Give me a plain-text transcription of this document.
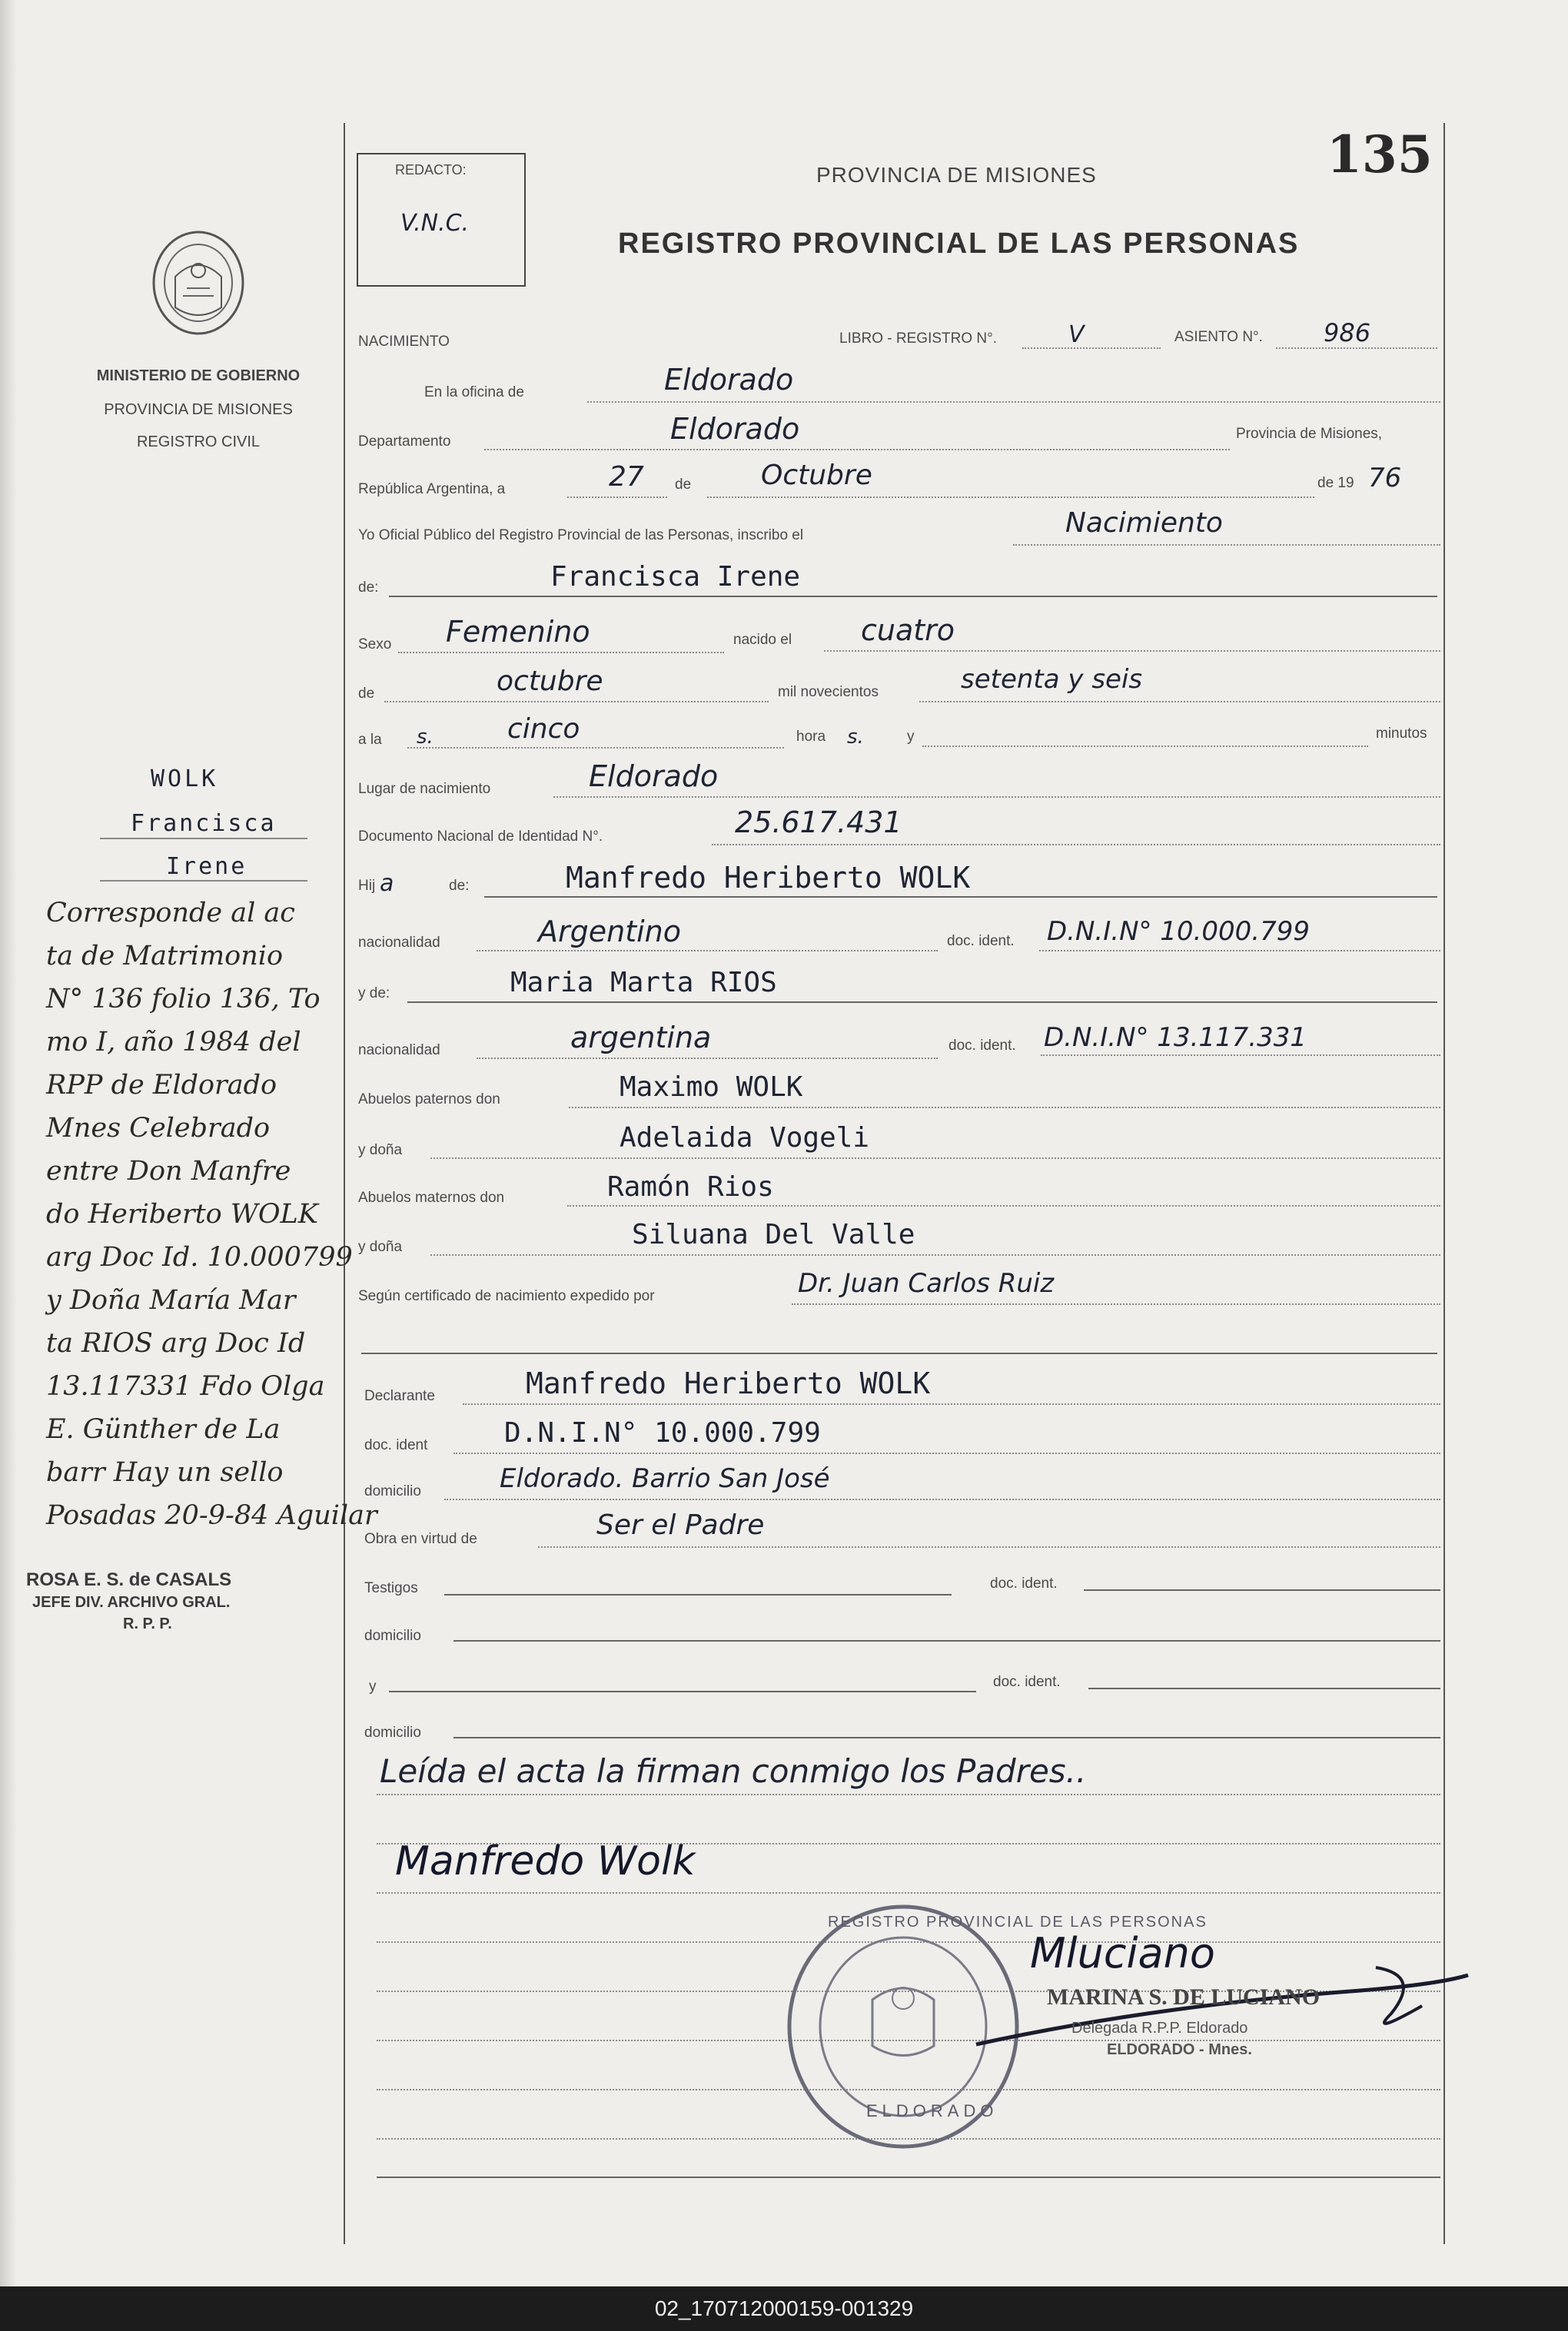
MINISTERIO DE GOBIERNO
PROVINCIA DE MISIONES
REGISTRO CIVIL
REDACTO:
V.N.C.
PROVINCIA DE MISIONES
REGISTRO PROVINCIAL DE LAS PERSONAS
135
NACIMIENTO	LIBRO - REGISTRO N°.	V	ASIENTO N°. 986
En la oficina de	Eldorado
Departamento	Eldorado	Provincia de Misiones,
República Argentina, a	27 de	Octubre	de 19 76
Yo Oficial Público del Registro Provincial de las Personas, inscribo el	Nacimiento
de:	Francisca Irene
Sexo Femenino	nacido el cuatro
de	octubre	mil novecientos	setenta y seis
a la s.	cinco	hora s.	y	minutos
Lugar de nacimiento	Eldorado
Documento Nacional de Identidad N°.	25.617.431
Hij a	de:	Manfredo Heriberto WOLK
nacionalidad	Argentino	doc. ident. D.N.I.N° 10.000.799
y de:	Maria Marta RIOS
nacionalidad	argentina	doc. ident. D.N.I.N° 13.117.331
Abuelos paternos don	Maximo WOLK
y doña	Adelaida Vogeli
Abuelos maternos don	Ramón Rios
y doña	Siluana Del Valle
Según certificado de nacimiento expedido por	Dr. Juan Carlos Ruiz
Declarante	Manfredo Heriberto WOLK
doc. ident	D.N.I.N° 10.000.799
domicilio	Eldorado. Barrio San José
Obra en virtud de	Ser el Padre
Testigos	doc. ident.
domicilio
y	doc. ident.
domicilio
Leída el acta la firman conmigo los Padres..
Manfredo Wolk
REGISTRO PROVINCIAL DE LAS PERSONAS
ELDORADO
Mluciano
MARINA S. DE LUCIANO
Delegada R.P.P. Eldorado
ELDORADO - Mnes.
WOLK
Francisca
Irene
Corresponde al ac
ta de Matrimonio
N° 136 folio 136, To
mo I, año 1984 del
RPP de Eldorado
Mnes Celebrado
entre Don Manfre
do Heriberto WOLK
arg Doc Id. 10.000799
y Doña María Mar
ta RIOS arg Doc Id
13.117331 Fdo Olga
E. Günther de La
barr Hay un sello
Posadas 20-9-84 Aguilar
ROSA E. S. de CASALS
JEFE DIV. ARCHIVO GRAL.
R. P. P.
02_170712000159-001329
